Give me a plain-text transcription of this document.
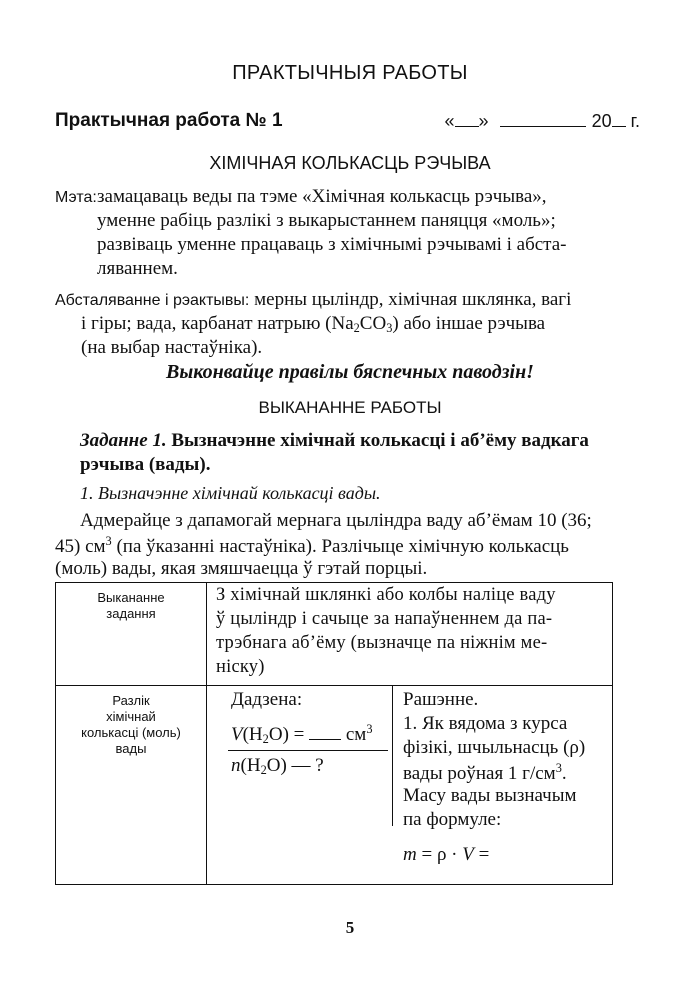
ПРАКТЫЧНЫЯ РАБОТЫ
Практычная работа № 1	« »	20 г.
ХІМІЧНАЯ КОЛЬКАСЦЬ РЭЧЫВА
Мэта: замацаваць веды па тэме «Хімічная колькасць рэчыва»,
уменне рабіць разлікі з выкарыстаннем паняцця «моль»;
развіваць уменне працаваць з хімічнымі рэчывамі і абста-
ляваннем.
Абсталяванне і рэактывы: мерны цыліндр, хімічная шклянка, вагі
і гіры; вада, карбанат натрыю $(Na_2CO_3)$ або іншае рэчыва
(на выбар настаўніка).
Выконвайце правілы бяспечных паводзін!
ВЫКАНАННЕ РАБОТЫ
Заданне 1. Вызначэнне хімічнай колькасці і аб’ёму вадкага
рэчыва (вады).
1. Вызначэнне хімічнай колькасці вады.
Адмерайце з дапамогай мернага цыліндра ваду аб’ёмам 10 (36;
45) $см^3$ (па ўказанні настаўніка). Разлічыце хімічную колькасць
(моль) вады, якая змяшчаецца ў гэтай порцыі.
Выкананне
задання
З хімічнай шклянкі або колбы наліце ваду
ў цыліндр і сачыце за напаўненнем да па-
трэбнага аб’ёму (вызначце па ніжнім ме-
ніску)
Разлік
хімічнай
колькасці (моль)
вады
Дадзена:
$V(H_2O) = см^3$
$n(H_2O)$ — ?
Рашэнне.
1. Як вядома з курса
фізікі, шчыльнасць (ρ)
вады роўная 1 $г/см^3$.
Масу вады вызначым
па формуле:
m = ρ · V =
5
